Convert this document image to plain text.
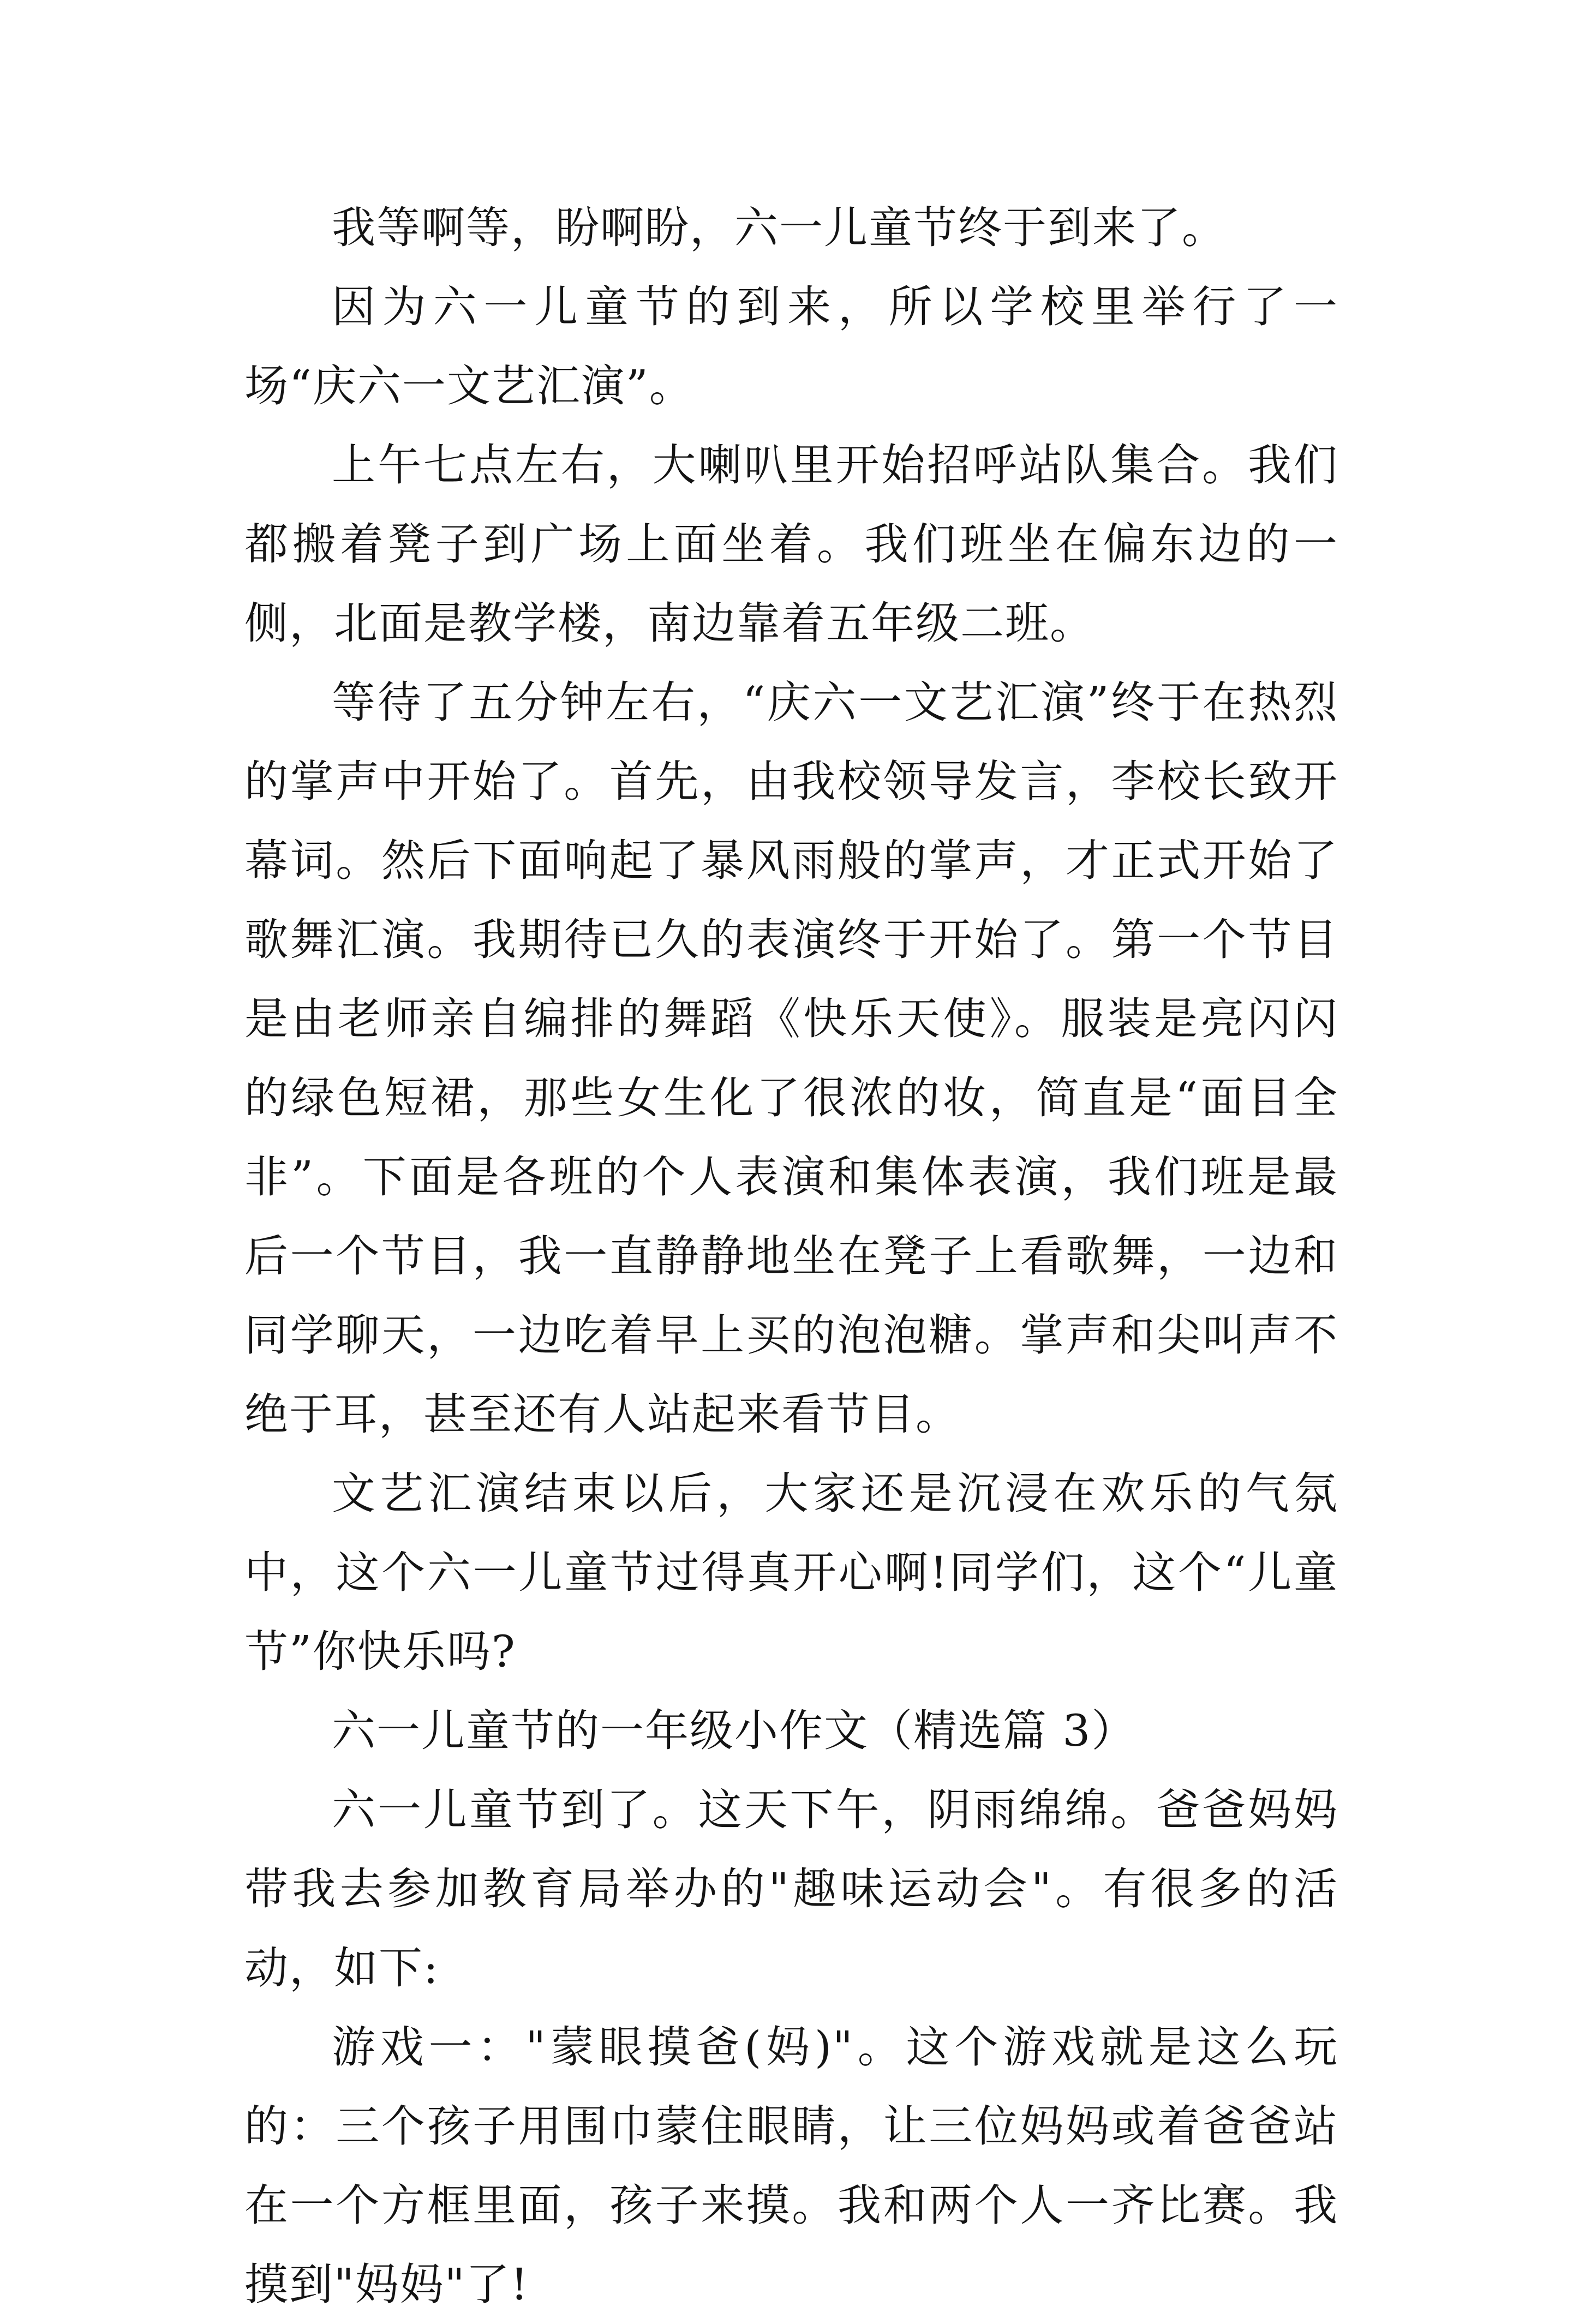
我等啊等，盼啊盼，六一儿童节终于到来了。

因为六一儿童节的到来，所以学校里举行了一场“庆六一文艺汇演”。

上午七点左右，大喇叭里开始招呼站队集合。我们都搬着凳子到广场上面坐着。我们班坐在偏东边的一侧，北面是教学楼，南边靠着五年级二班。

等待了五分钟左右，“庆六一文艺汇演”终于在热烈的掌声中开始了。首先，由我校领导发言，李校长致开幕词。然后下面响起了暴风雨般的掌声，才正式开始了歌舞汇演。我期待已久的表演终于开始了。第一个节目是由老师亲自编排的舞蹈《快乐天使》。服装是亮闪闪的绿色短裙，那些女生化了很浓的妆，简直是“面目全非”。下面是各班的个人表演和集体表演，我们班是最后一个节目，我一直静静地坐在凳子上看歌舞，一边和同学聊天，一边吃着早上买的泡泡糖。掌声和尖叫声不绝于耳，甚至还有人站起来看节目。

文艺汇演结束以后，大家还是沉浸在欢乐的气氛中，这个六一儿童节过得真开心啊!同学们，这个“儿童节”你快乐吗?

六一儿童节的一年级小作文（精选篇 3）

六一儿童节到了。这天下午，阴雨绵绵。爸爸妈妈带我去参加教育局举办的"趣味运动会"。有很多的活动，如下:

游戏一："蒙眼摸爸(妈)"。这个游戏就是这么玩的：三个孩子用围巾蒙住眼睛，让三位妈妈或着爸爸站在一个方框里面，孩子来摸。我和两个人一齐比赛。我摸到"妈妈"了!
